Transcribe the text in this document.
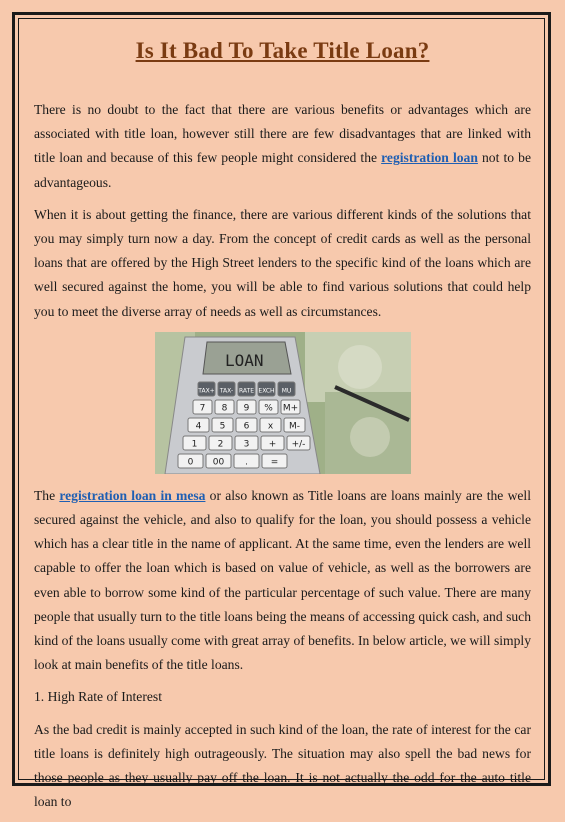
Is It Bad To Take Title Loan?

There is no doubt to the fact that there are various benefits or advantages which are associated with title loan, however still there are few disadvantages that are linked with title loan and because of this few people might considered the registration loan not to be advantageous.

When it is about getting the finance, there are various different kinds of the solutions that you may simply turn now a day. From the concept of credit cards as well as the personal loans that are offered by the High Street lenders to the specific kind of the loans which are well secured against the home, you will be able to find various solutions that could help you to meet the diverse array of needs as well as circumstances.

LOAN
TAX+ TAX- RATE EXCH MU
7 8 9 % M+
4 5 6 x M-
1 2 3 + +/-
0 00 .	=

The registration loan in mesa or also known as Title loans are loans mainly are the well secured against the vehicle, and also to qualify for the loan, you should possess a vehicle which has a clear title in the name of applicant. At the same time, even the lenders are well capable to offer the loan which is based on value of vehicle, as well as the borrowers are even able to borrow some kind of the particular percentage of such value. There are many people that usually turn to the title loans being the means of accessing quick cash, and such kind of the loans usually come with great array of benefits. In below article, we will simply look at main benefits of the title loans.

1. High Rate of Interest

As the bad credit is mainly accepted in such kind of the loan, the rate of interest for the car title loans is definitely high outrageously. The situation may also spell the bad news for those people as they usually pay off the loan. It is not actually the odd for the auto title loan to
